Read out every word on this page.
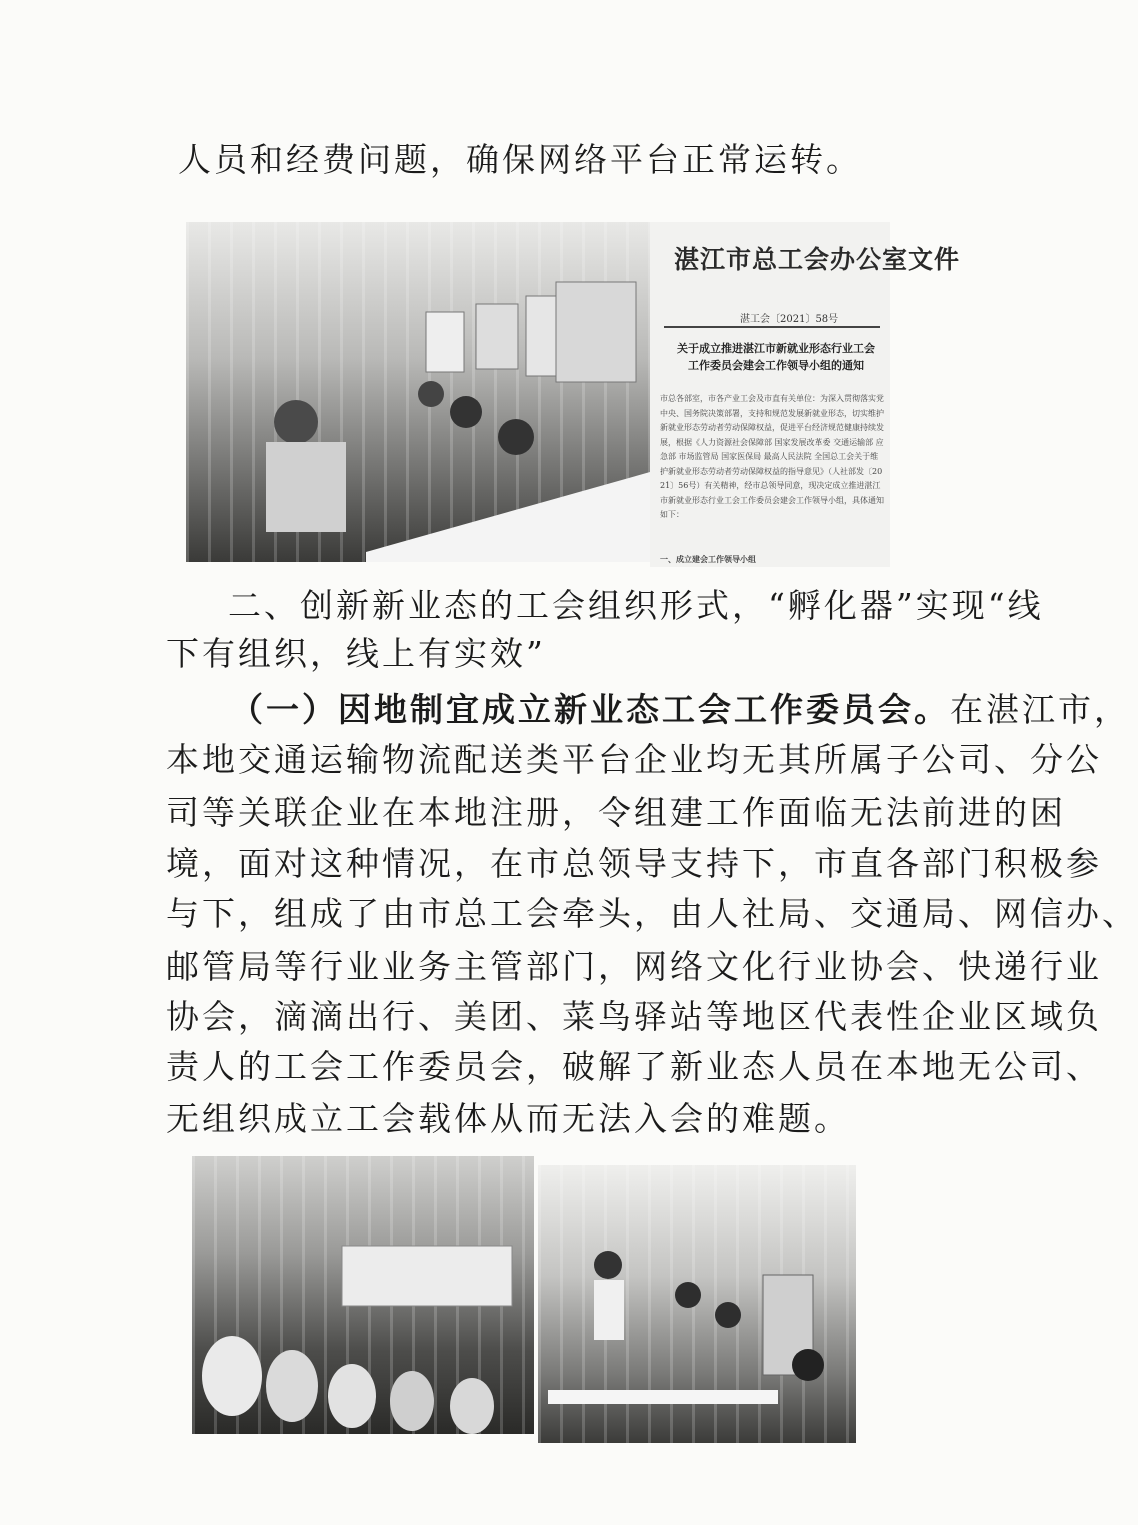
人员和经费问题，确保网络平台正常运转。
湛江市总工会办公室文件
湛工会〔2021〕58号
关于成立推进湛江市新就业形态行业工会工作委员会建会工作领导小组的通知
市总各部室，市各产业工会及市直有关单位：为深入贯彻落实党中央、国务院决策部署，支持和规范发展新就业形态，切实维护新就业形态劳动者劳动保障权益，促进平台经济规范健康持续发展，根据《人力资源社会保障部 国家发展改革委 交通运输部 应急部 市场监管局 国家医保局 最高人民法院 全国总工会关于维护新就业形态劳动者劳动保障权益的指导意见》（人社部发〔2021〕56号）有关精神，经市总领导同意，现决定成立推进湛江市新就业形态行业工会工作委员会建会工作领导小组，具体通知如下：
一、成立建会工作领导小组
二、创新新业态的工会组织形式，“孵化器”实现“线
下有组织，线上有实效”
（一）因地制宜成立新业态工会工作委员会。在湛江市，
本地交通运输物流配送类平台企业均无其所属子公司、分公
司等关联企业在本地注册，令组建工作面临无法前进的困
境，面对这种情况，在市总领导支持下，市直各部门积极参
与下，组成了由市总工会牵头，由人社局、交通局、网信办、
邮管局等行业业务主管部门，网络文化行业协会、快递行业
协会，滴滴出行、美团、菜鸟驿站等地区代表性企业区域负
责人的工会工作委员会，破解了新业态人员在本地无公司、
无组织成立工会载体从而无法入会的难题。
